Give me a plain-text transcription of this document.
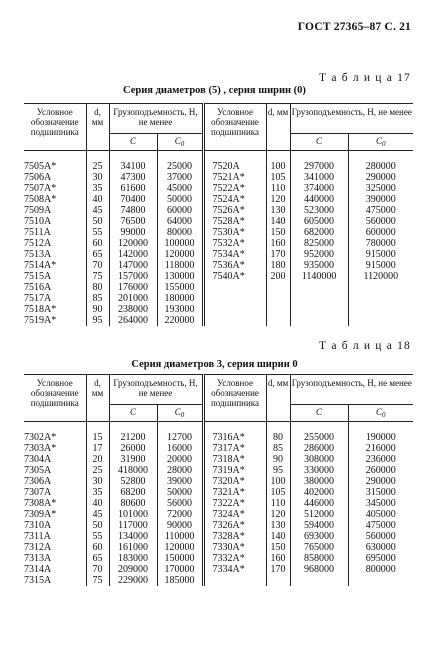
ГОСТ 27365–87 С. 21
Т а б л и ц а 17
Серия диаметров (5) , серия ширин (0)
Условное обозначение подшипника	d, мм	Грузоподъемность, Н, не менее		Условное обозначение подшипника	d, мм	Грузоподъемность, Н, не менее	
		C	$C_0$			C	$C_0$

7505А*	25	34100	25000	7520А	100	297000	280000
7506А	30	47300	37000	7521А*	105	341000	290000
7507А*	35	61600	45000	7522А*	110	374000	325000
7508А*	40	70400	50000	7524А*	120	440000	390000
7509А	45	74800	60000	7526А*	130	523000	475000
7510А	50	76500	64000	7528А*	140	605000	560000
7511А	55	99000	80000	7530А*	150	682000	600000
7512А	60	120000	100000	7532А*	160	825000	780000
7513А	65	142000	120000	7534А*	170	952000	915000
7514А*	70	147000	118000	7536А*	180	935000	915000
7515А	75	157000	130000	7540А*	200	1140000	1120000
7516А	80	176000	155000				
7517А	85	201000	180000				
7518А*	90	238000	193000				
7519А*	95	264000	220000				
Т а б л и ц а 18
Серия диаметров 3, серия ширин 0
Условное обозначение подшипника	d, мм	Грузоподъемность, Н, не менее		Условное обозначение подшипника	d, мм	Грузоподъемность, Н, не менее	
		C	$C_0$			C	$C_0$

7302А*	15	21200	12700	7316А*	80	255000	190000
7303А*	17	26000	16000	7317А*	85	286000	216000
7304А	20	31900	20000	7318А*	90	308000	236000
7305А	25	418000	28000	7319А*	95	330000	260000
7306А	30	52800	39000	7320А*	100	380000	290000
7307А	35	68200	50000	7321А*	105	402000	315000
7308А*	40	80600	56000	7322А*	110	446000	345000
7309А*	45	101000	72000	7324А*	120	512000	405000
7310А	50	117000	90000	7326А*	130	594000	475000
7311А	55	134000	110000	7328А*	140	693000	560000
7312А	60	161000	120000	7330А*	150	765000	630000
7313А	65	183000	150000	7332А*	160	858000	695000
7314А	70	209000	170000	7334А*	170	968000	800000
7315А	75	229000	185000				
